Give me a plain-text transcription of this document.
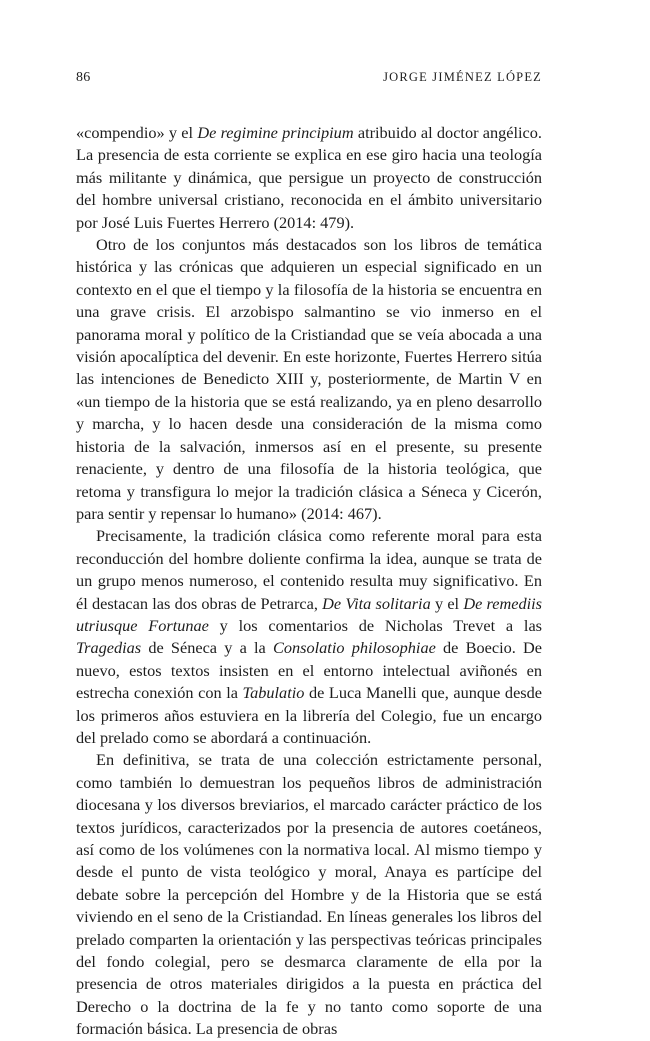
86	JORGE JIMÉNEZ LÓPEZ

«compendio» y el De regimine principium atribuido al doctor angélico. La presencia de esta corriente se explica en ese giro hacia una teología más militante y dinámica, que persigue un proyecto de construcción del hombre universal cristiano, reconocida en el ámbito universitario por José Luis Fuertes Herrero (2014: 479).

Otro de los conjuntos más destacados son los libros de temática histórica y las crónicas que adquieren un especial significado en un contexto en el que el tiempo y la filosofía de la historia se encuentra en una grave crisis. El arzobispo salmantino se vio inmerso en el panorama moral y político de la Cristiandad que se veía abocada a una visión apocalíptica del devenir. En este horizonte, Fuertes Herrero sitúa las intenciones de Benedicto XIII y, posteriormente, de Martin V en «un tiempo de la historia que se está realizando, ya en pleno desarrollo y marcha, y lo hacen desde una consideración de la misma como historia de la salvación, inmersos así en el presente, su presente renaciente, y dentro de una filosofía de la historia teológica, que retoma y transfigura lo mejor la tradición clásica a Séneca y Cicerón, para sentir y repensar lo humano» (2014: 467).

Precisamente, la tradición clásica como referente moral para esta reconducción del hombre doliente confirma la idea, aunque se trata de un grupo menos numeroso, el contenido resulta muy significativo. En él destacan las dos obras de Petrarca, De Vita solitaria y el De remediis utriusque Fortunae y los comentarios de Nicholas Trevet a las Tragedias de Séneca y a la Consolatio philosophiae de Boecio. De nuevo, estos textos insisten en el entorno intelectual aviñonés en estrecha conexión con la Tabulatio de Luca Manelli que, aunque desde los primeros años estuviera en la librería del Colegio, fue un encargo del prelado como se abordará a continuación.

En definitiva, se trata de una colección estrictamente personal, como también lo demuestran los pequeños libros de administración diocesana y los diversos breviarios, el marcado carácter práctico de los textos jurídicos, caracterizados por la presencia de autores coetáneos, así como de los volúmenes con la normativa local. Al mismo tiempo y desde el punto de vista teológico y moral, Anaya es partícipe del debate sobre la percepción del Hombre y de la Historia que se está viviendo en el seno de la Cristiandad. En líneas generales los libros del prelado comparten la orientación y las perspectivas teóricas principales del fondo colegial, pero se desmarca claramente de ella por la presencia de otros materiales dirigidos a la puesta en práctica del Derecho o la doctrina de la fe y no tanto como soporte de una formación básica. La presencia de obras
